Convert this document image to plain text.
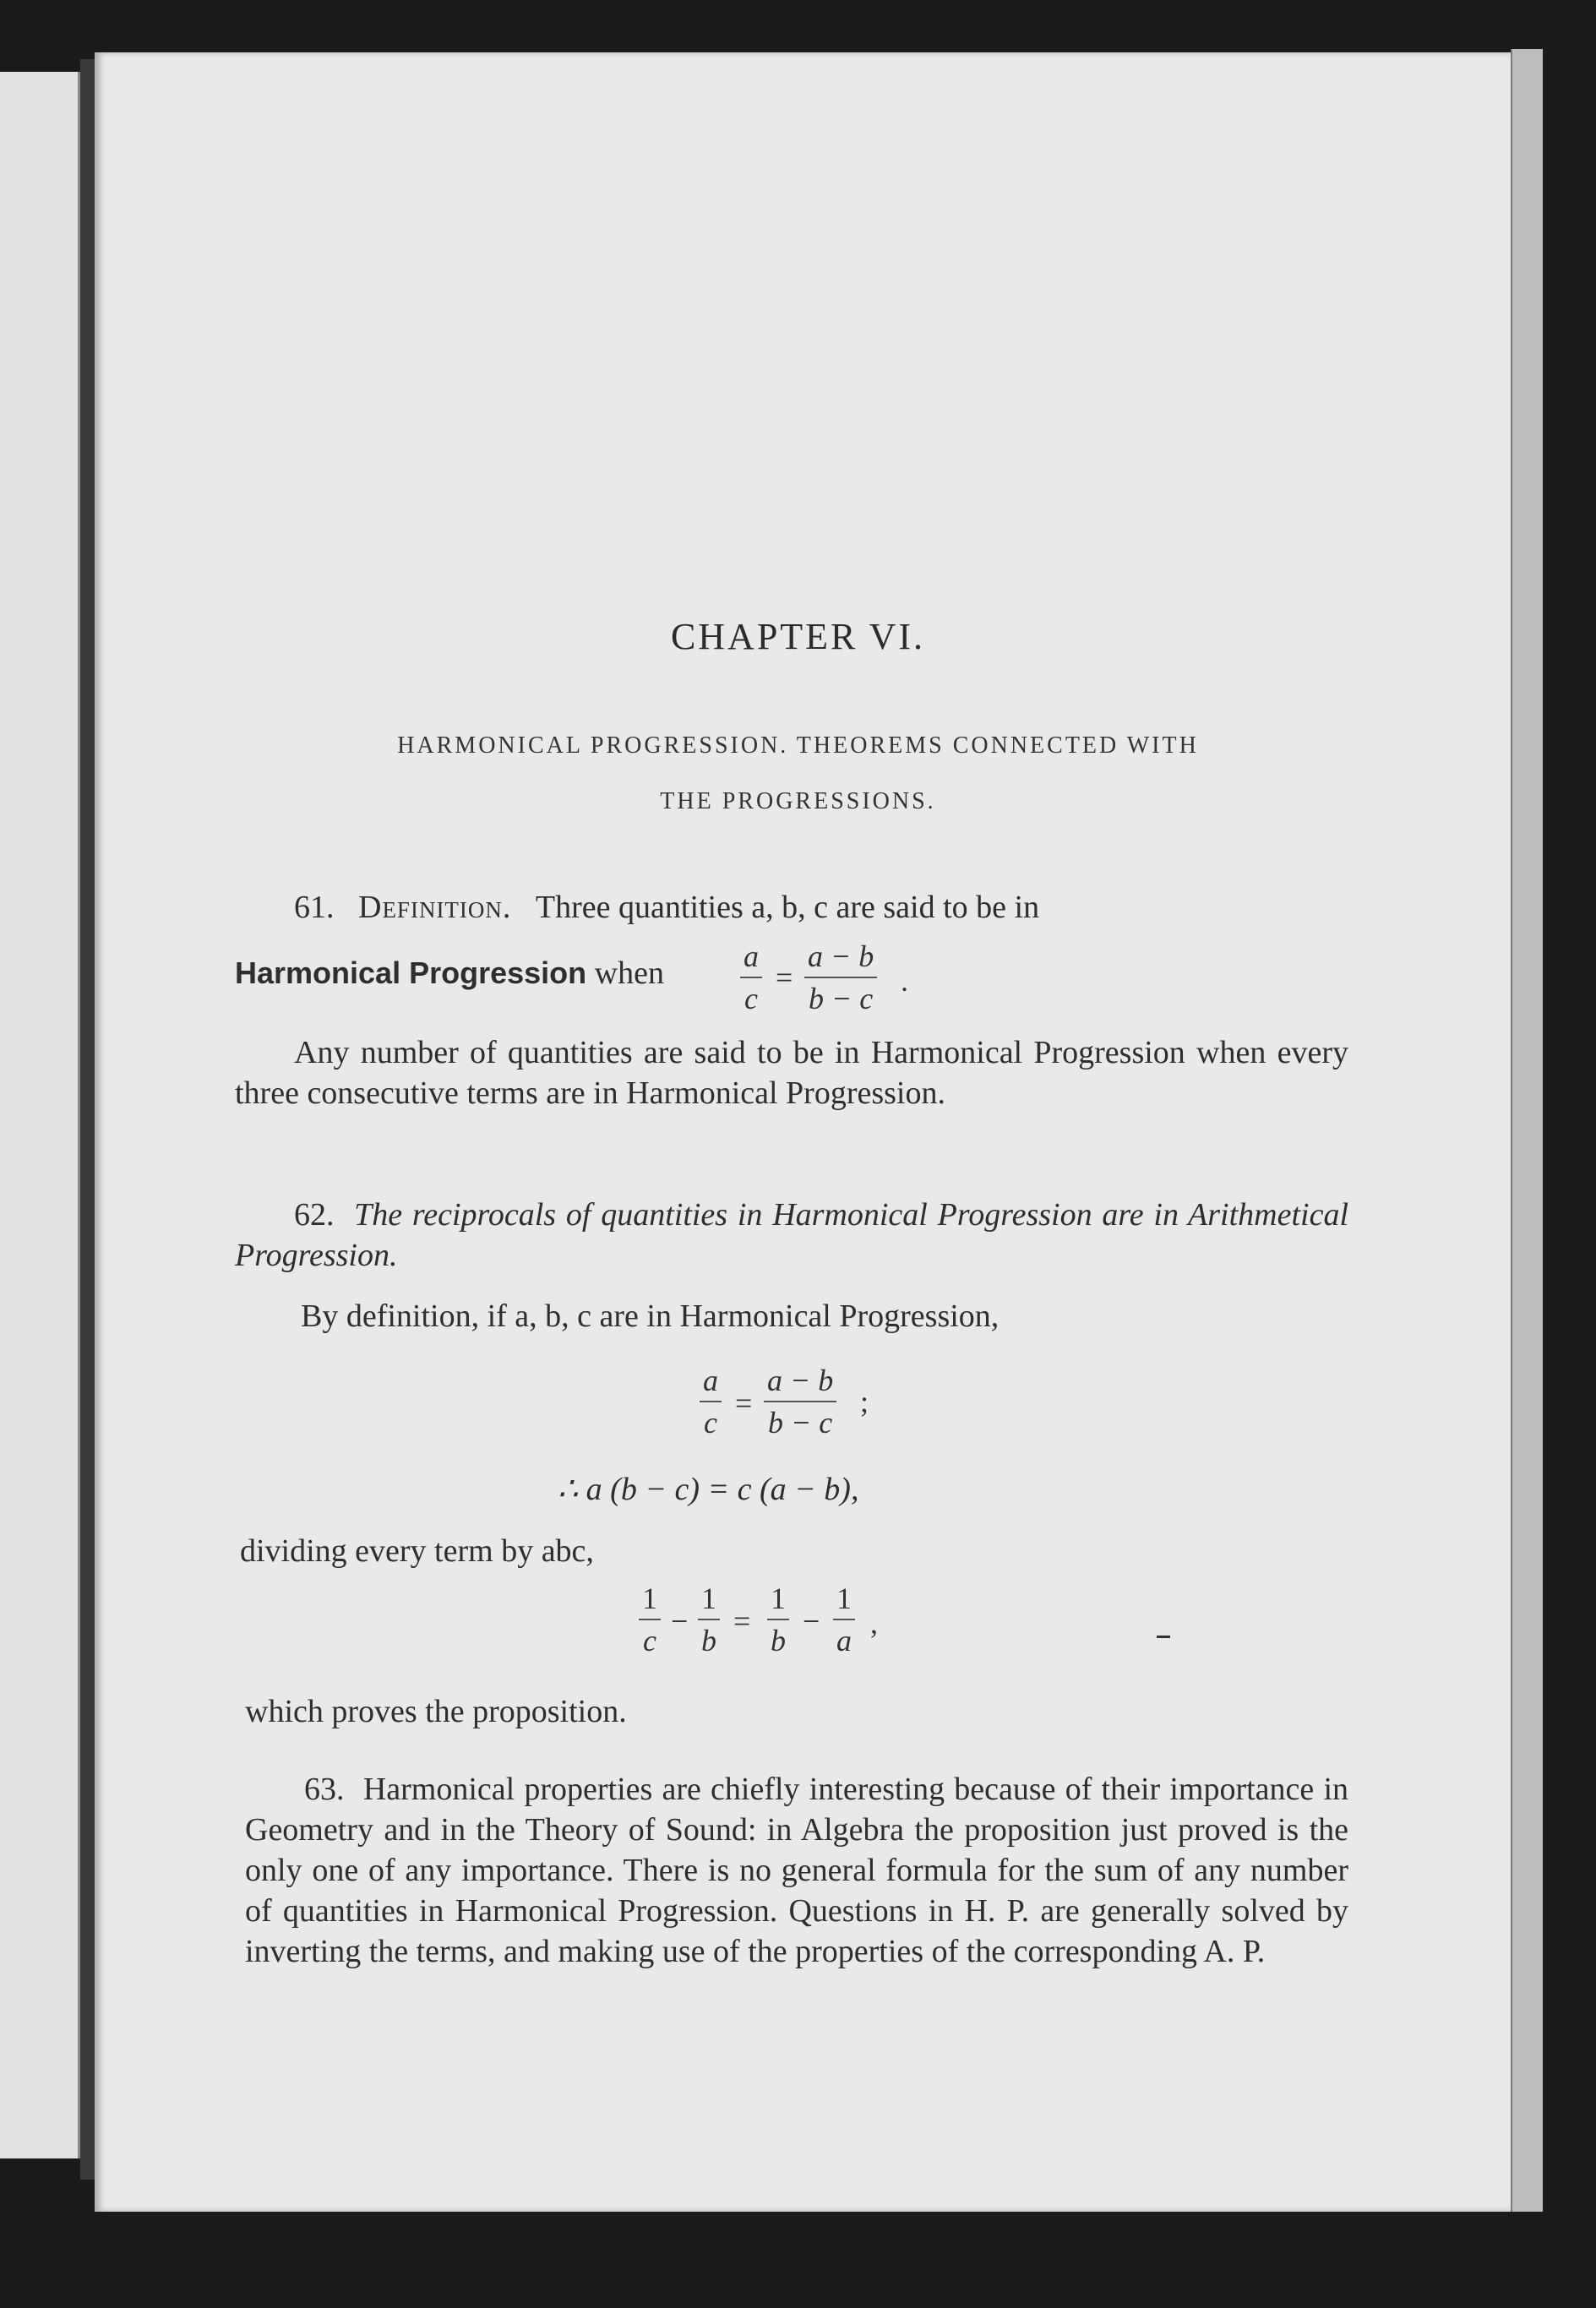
CHAPTER VI.
HARMONICAL PROGRESSION. THEOREMS CONNECTED WITH
THE PROGRESSIONS.
61. Definition. Three quantities a, b, c are said to be in
Harmonical Progression when	a
c
=
a − b
b − c
.
Any number of quantities are said to be in Harmonical Progression when every three consecutive terms are in Harmonical Progression.
62. The reciprocals of quantities in Harmonical Progression are in Arithmetical Progression.
By definition, if a, b, c are in Harmonical Progression,
a
c
=
a − b
b − c
;
∴ a (b − c) = c (a − b),
dividing every term by abc,
1
c
−
1
b
=
1
b
−
1
a
,
which proves the proposition.
63. Harmonical properties are chiefly interesting because of their importance in Geometry and in the Theory of Sound: in Algebra the proposition just proved is the only one of any importance. There is no general formula for the sum of any number of quantities in Harmonical Progression. Questions in H. P. are generally solved by inverting the terms, and making use of the properties of the corresponding A. P.
